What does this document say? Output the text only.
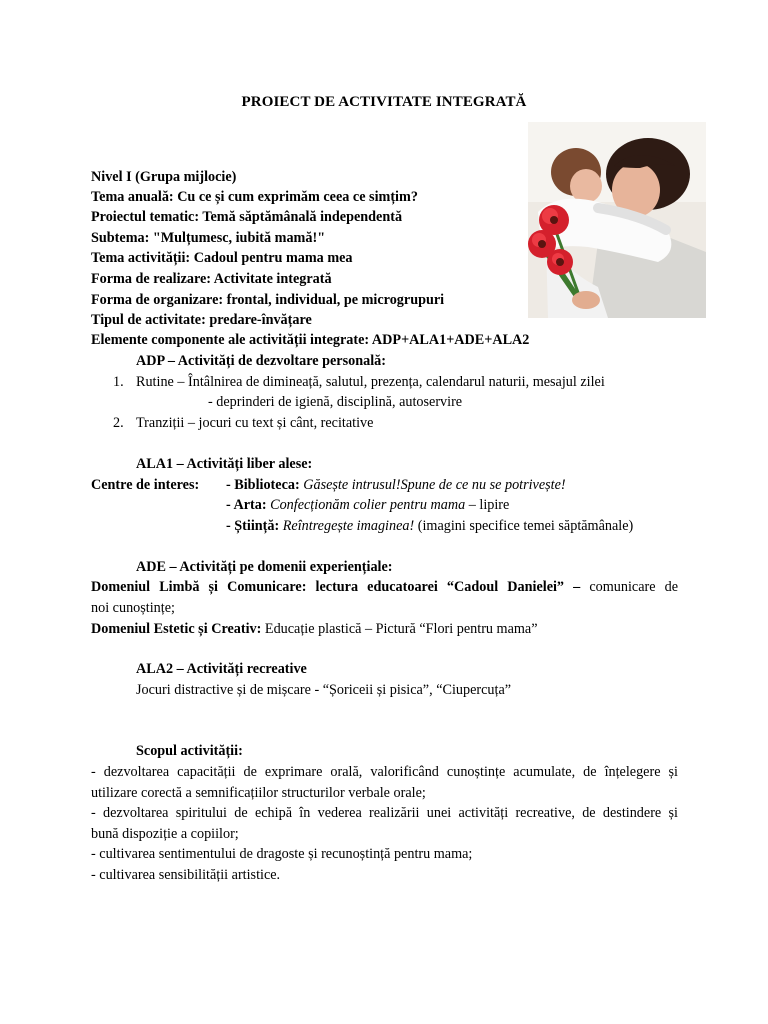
PROIECT DE ACTIVITATE INTEGRATĂ
Nivel I (Grupa mijlocie)
Tema anuală: Cu ce și cum exprimăm ceea ce simțim?
Proiectul tematic: Temă săptămânală independentă
Subtema: "Mulțumesc, iubită mamă!"
Tema activității: Cadoul pentru mama mea
Forma de realizare: Activitate integrată
Forma de organizare: frontal, individual, pe microgrupuri
Tipul de activitate: predare-învățare
Elemente componente ale activității integrate: ADP+ALA1+ADE+ALA2
ADP – Activități de dezvoltare personală:
1. Rutine – Întâlnirea de dimineață, salutul, prezența, calendarul naturii, mesajul zilei
- deprinderi de igienă, disciplină, autoservire
2. Tranziții – jocuri cu text și cânt, recitative
ALA1 – Activități liber alese:
Centre de interes: - Biblioteca: Găsește intrusul!Spune de ce nu se potrivește!
- Arta: Confecționăm colier pentru mama – lipire
- Știință: Reîntregește imaginea! (imagini specifice temei săptămânale)
ADE – Activități pe domenii experiențiale:
Domeniul Limbă și Comunicare: lectura educatoarei “Cadoul Danielei” – comunicare de
noi cunoștințe;
Domeniul Estetic și Creativ: Educație plastică – Pictură “Flori pentru mama”
ALA2 – Activități recreative
Jocuri distractive și de mișcare - “Șoriceii și pisica”, “Ciupercuța”
Scopul activității:
- dezvoltarea capacității de exprimare orală, valorificând cunoștințe acumulate, de înțelegere și
utilizare corectă a semnificațiilor structurilor verbale orale;
- dezvoltarea spiritului de echipă în vederea realizării unei activități recreative, de destindere și
bună dispoziție a copiilor;
- cultivarea sentimentului de dragoste și recunoștință pentru mama;
- cultivarea sensibilității artistice.
